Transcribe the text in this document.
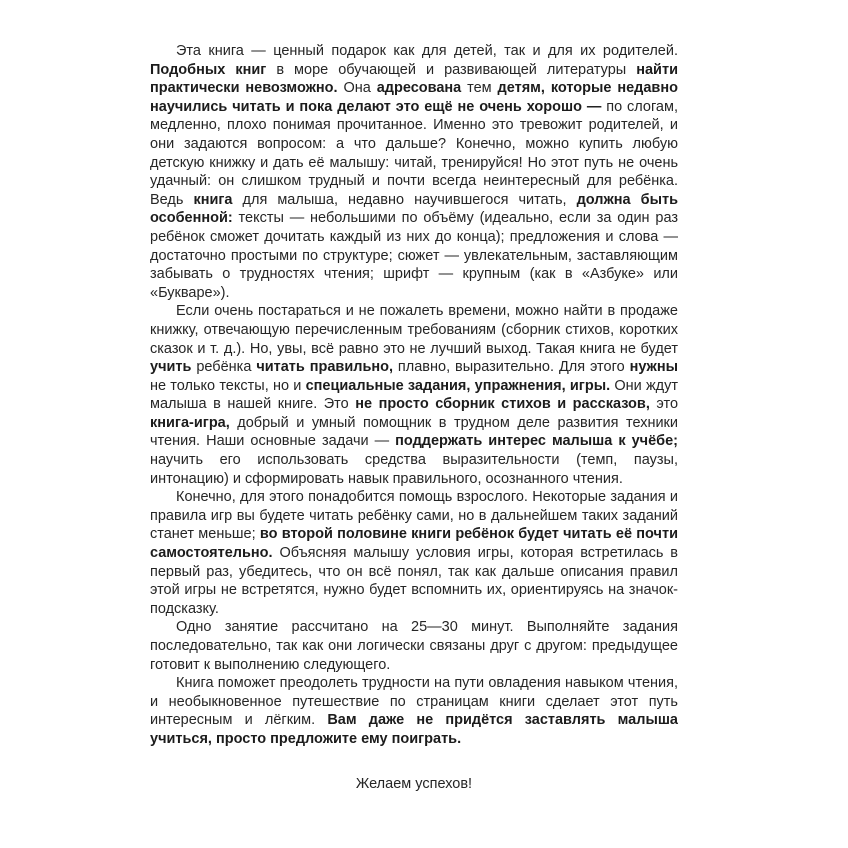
Эта книга — ценный подарок как для детей, так и для их родителей. Подобных книг в море обучающей и развивающей литературы найти практически невозможно. Она адресована тем детям, которые недавно научились читать и пока делают это ещё не очень хорошо — по слогам, медленно, плохо понимая прочитанное. Именно это тревожит родителей, и они задаются вопросом: а что дальше? Конечно, можно купить любую детскую книжку и дать её малышу: читай, тренируйся! Но этот путь не очень удачный: он слишком трудный и почти всегда неинтересный для ребёнка. Ведь книга для малыша, недавно научившегося читать, должна быть особенной: тексты — небольшими по объёму (идеально, если за один раз ребёнок сможет дочитать каждый из них до конца); предложения и слова — достаточно простыми по структуре; сюжет — увлекательным, заставляющим забывать о трудностях чтения; шрифт — крупным (как в «Азбуке» или «Букваре»).

Если очень постараться и не пожалеть времени, можно найти в продаже книжку, отвечающую перечисленным требованиям (сборник стихов, коротких сказок и т. д.). Но, увы, всё равно это не лучший выход. Такая книга не будет учить ребёнка читать правильно, плавно, выразительно. Для этого нужны не только тексты, но и специальные задания, упражнения, игры. Они ждут малыша в нашей книге. Это не просто сборник стихов и рассказов, это книга-игра, добрый и умный помощник в трудном деле развития техники чтения. Наши основные задачи — поддержать интерес малыша к учёбе; научить его использовать средства выразительности (темп, паузы, интонацию) и сформировать навык правильного, осознанного чтения.

Конечно, для этого понадобится помощь взрослого. Некоторые задания и правила игр вы будете читать ребёнку сами, но в дальнейшем таких заданий станет меньше; во второй половине книги ребёнок будет читать её почти самостоятельно. Объясняя малышу условия игры, которая встретилась в первый раз, убедитесь, что он всё понял, так как дальше описания правил этой игры не встретятся, нужно будет вспомнить их, ориентируясь на значок-подсказку.

Одно занятие рассчитано на 25—30 минут. Выполняйте задания последовательно, так как они логически связаны друг с другом: предыдущее готовит к выполнению следующего.

Книга поможет преодолеть трудности на пути овладения навыком чтения, и необыкновенное путешествие по страницам книги сделает этот путь интересным и лёгким. Вам даже не придётся заставлять малыша учиться, просто предложите ему поиграть.

Желаем успехов!
